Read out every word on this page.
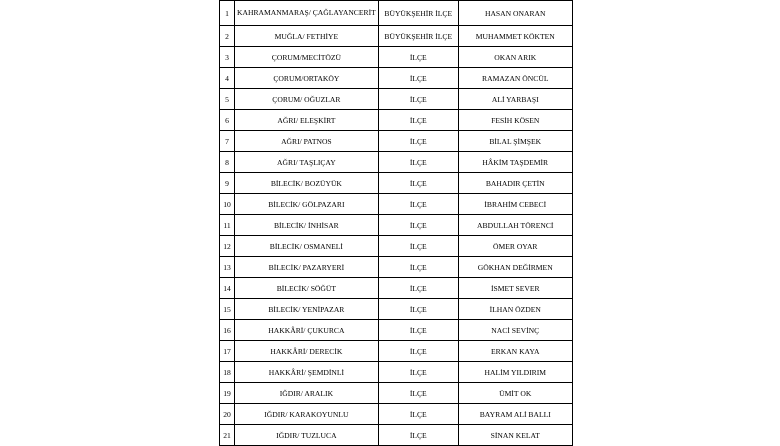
1	KAHRAMANMARAŞ/ ÇAĞLAYANCERİT	BÜYÜKŞEHİR İLÇE	HASAN ONARAN
2	MUĞLA/ FETHİYE	BÜYÜKŞEHİR İLÇE	MUHAMMET KÖKTEN
3	ÇORUM/MECİTÖZÜ	İLÇE	OKAN ARIK
4	ÇORUM/ORTAKÖY	İLÇE	RAMAZAN ÖNCÜL
5	ÇORUM/ OĞUZLAR	İLÇE	ALİ YARBAŞI
6	AĞRI/ ELEŞKİRT	İLÇE	FESİH KÖSEN
7	AĞRI/ PATNOS	İLÇE	BİLAL ŞİMŞEK
8	AĞRI/ TAŞLIÇAY	İLÇE	HÂKİM TAŞDEMİR
9	BİLECİK/ BOZÜYÜK	İLÇE	BAHADIR ÇETİN
10	BİLECİK/ GÖLPAZARI	İLÇE	İBRAHİM CEBECİ
11	BİLECİK/ İNHİSAR	İLÇE	ABDULLAH TÖRENCİ
12	BİLECİK/ OSMANELİ	İLÇE	ÖMER OYAR
13	BİLECİK/ PAZARYERİ	İLÇE	GÖKHAN DEĞİRMEN
14	BİLECİK/ SÖĞÜT	İLÇE	İSMET SEVER
15	BİLECİK/ YENİPAZAR	İLÇE	İLHAN ÖZDEN
16	HAKKÂRİ/ ÇUKURCA	İLÇE	NACİ SEVİNÇ
17	HAKKÂRİ/ DERECİK	İLÇE	ERKAN KAYA
18	HAKKÂRİ/ ŞEMDİNLİ	İLÇE	HALİM YILDIRIM
19	IĞDIR/ ARALIK	İLÇE	ÜMİT OK
20	IĞDIR/ KARAKOYUNLU	İLÇE	BAYRAM ALİ BALLI
21	IĞDIR/ TUZLUCA	İLÇE	SİNAN KELAT
